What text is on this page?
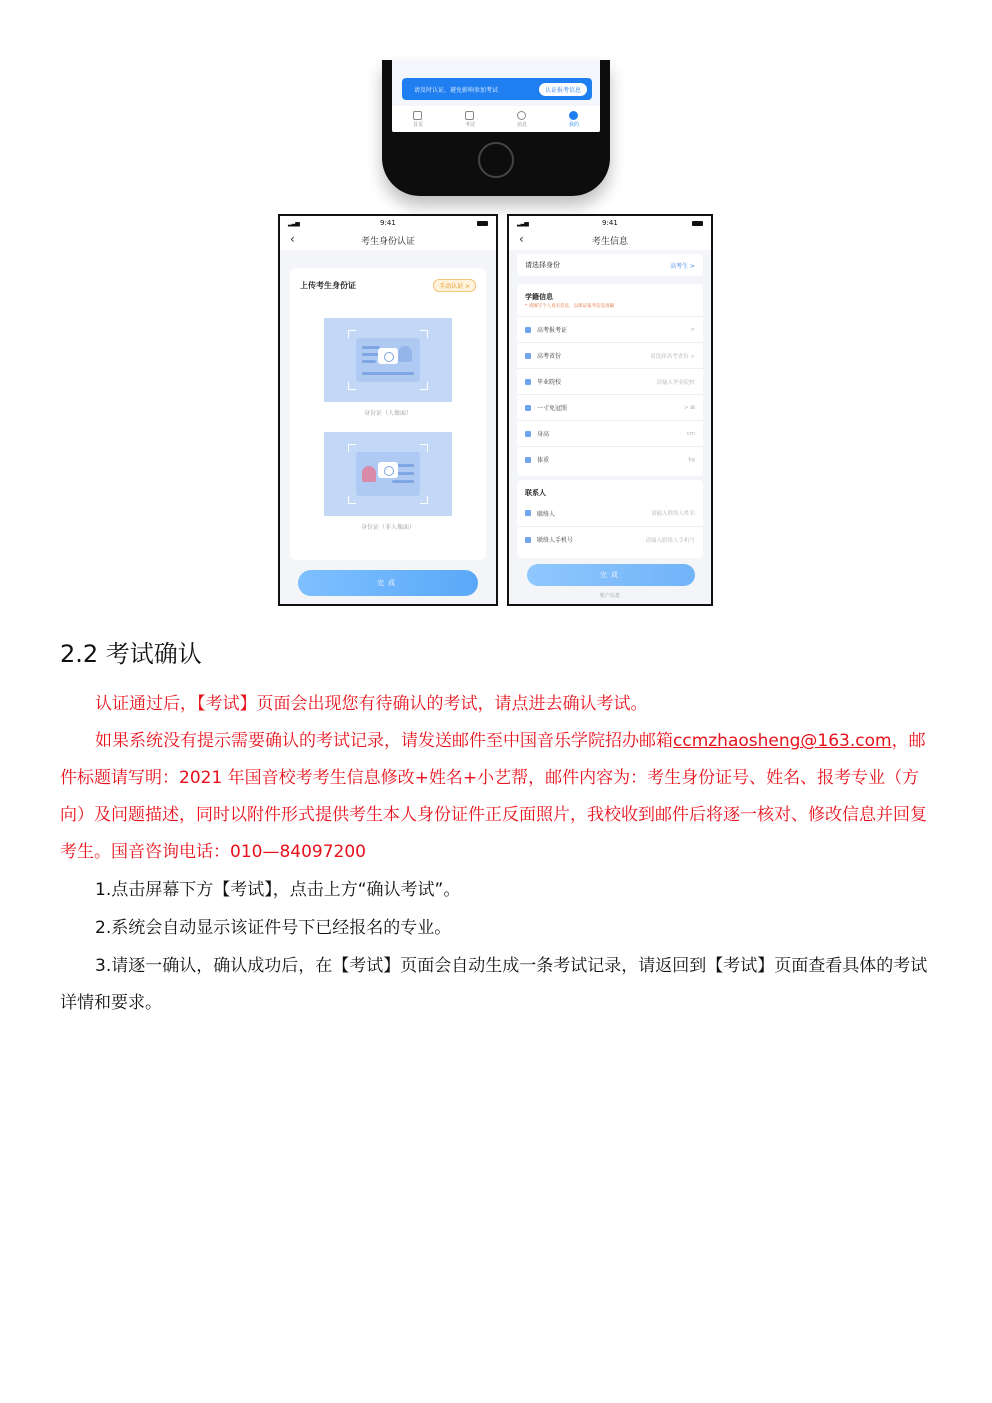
请及时认证，避免影响参加考试	认证报考信息
首页	考试	消息	我的
▂▃▅	9:41
‹	考生身份认证
上传考生身份证	手动认证 >
身份证（人像面）
身份证（非人像面）
完成
▂▃▅	9:41
‹	考生信息
请选择身份	高考生 >
学籍信息
* 请填写个人真实信息，以保证报考信息准确
高考报考证	>
高考省份	请选择高考省份 >
毕业院校	请输入毕业院校
一寸免冠照	> ⊠
身高	cm
体重	kg
联系人
联络人	请输入联络人姓名
联络人手机号	请输入联络人手机号
完成
账户信息
2.2 考试确认

认证通过后，【考试】页面会出现您有待确认的考试，请点进去确认考试。

如果系统没有提示需要确认的考试记录，请发送邮件至中国音乐学院招办邮箱ccmzhaosheng@163.com，邮件标题请写明：2021 年国音校考考生信息修改+姓名+小艺帮，邮件内容为：考生身份证号、姓名、报考专业（方向）及问题描述，同时以附件形式提供考生本人身份证件正反面照片，我校收到邮件后将逐一核对、修改信息并回复考生。国音咨询电话：010—84097200

1.点击屏幕下方【考试】，点击上方“确认考试”。

2.系统会自动显示该证件号下已经报名的专业。

3.请逐一确认，确认成功后，在【考试】页面会自动生成一条考试记录，请返回到【考试】页面查看具体的考试详情和要求。
